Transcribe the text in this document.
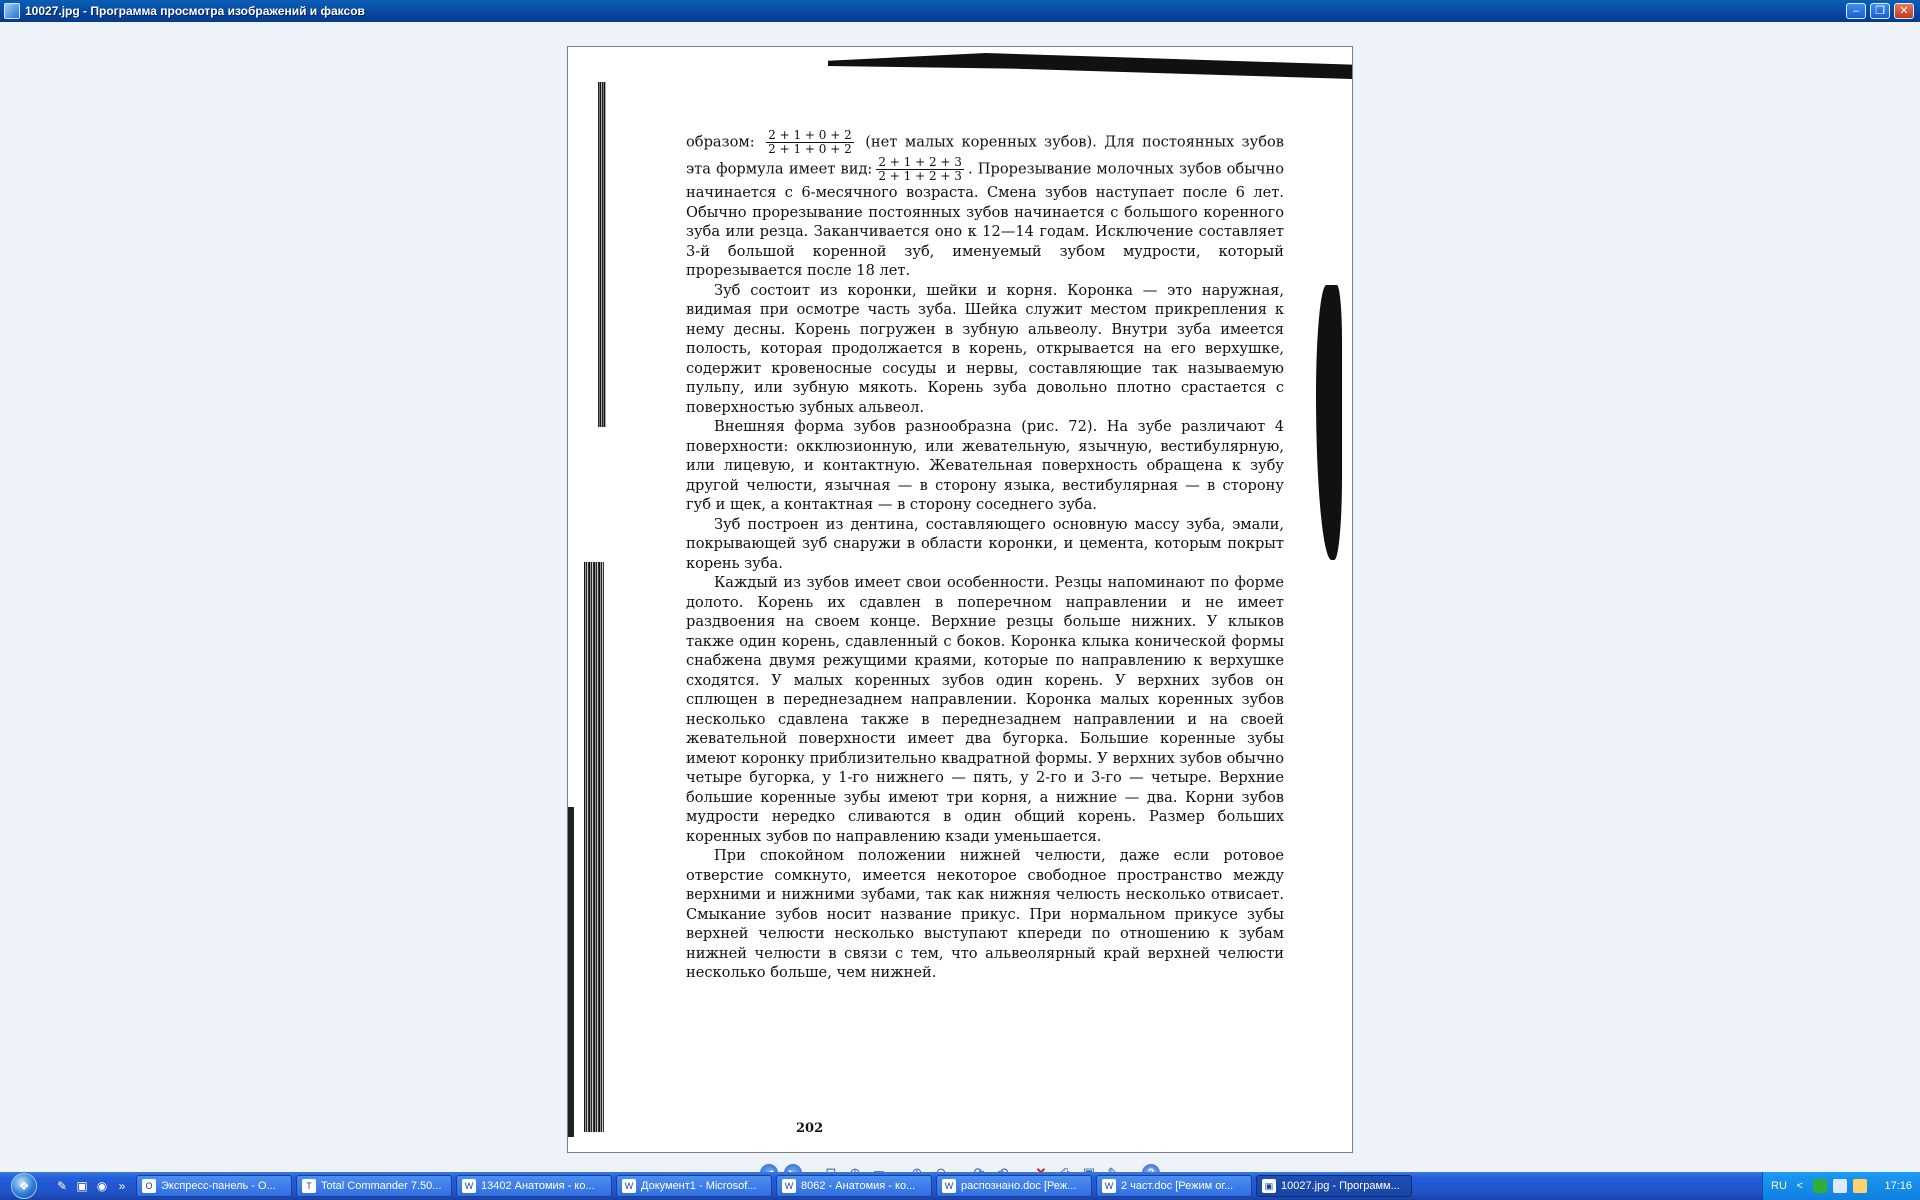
10027.jpg - Программа просмотра изображений и факсов	‒	❐	✕

образом: $\frac{2 + 1 + 0 + 2}{2 + 1 + 0 + 2} (нет$ малых коренных зубов). Для постоянных зубов эта формула имеет вид: $\frac{2 + 1 + 2 + 3}{2 + 1 + 2 + 3}$ . Прорезывание молочных зубов обычно начинается с 6-месячного возраста. Смена зубов наступает после 6 лет. Обычно прорезывание постоянных зубов начинается с большого коренного зуба или резца. Заканчивается оно к 12—14 годам. Исключение составляет 3-й большой коренной зуб, именуемый зубом мудрости, который прорезывается после 18 лет.

Зуб состоит из коронки, шейки и корня. Коронка — это наружная, видимая при осмотре часть зуба. Шейка служит местом прикрепления к нему десны. Корень погружен в зубную альвеолу. Внутри зуба имеется полость, которая продолжается в корень, открывается на его верхушке, содержит кровеносные сосуды и нервы, составляющие так называемую пульпу, или зубную мякоть. Корень зуба довольно плотно срастается с поверхностью зубных альвеол.

Внешняя форма зубов разнообразна (рис. 72). На зубе различают 4 поверхности: окклюзионную, или жевательную, язычную, вестибулярную, или лицевую, и контактную. Жевательная поверхность обращена к зубу другой челюсти, язычная — в сторону языка, вестибулярная — в сторону губ и щек, а контактная — в сторону соседнего зуба.

Зуб построен из дентина, составляющего основную массу зуба, эмали, покрывающей зуб снаружи в области коронки, и цемента, которым покрыт корень зуба.

Каждый из зубов имеет свои особенности. Резцы напоминают по форме долото. Корень их сдавлен в поперечном направлении и не имеет раздвоения на своем конце. Верхние резцы больше нижних. У клыков также один корень, сдавленный с боков. Коронка клыка конической формы снабжена двумя режущими краями, которые по направлению к верхушке сходятся. У малых коренных зубов один корень. У верхних зубов он сплющен в переднезаднем направлении. Коронка малых коренных зубов несколько сдавлена также в переднезаднем направлении и на своей жевательной поверхности имеет два бугорка. Большие коренные зубы имеют коронку приблизительно квадратной формы. У верхних зубов обычно четыре бугорка, у 1-го нижнего — пять, у 2-го и 3-го — четыре. Верхние большие коренные зубы имеют три корня, а нижние — два. Корни зубов мудрости нередко сливаются в один общий корень. Размер больших коренных зубов по направлению кзади уменьшается.

При спокойном положении нижней челюсти, даже если ротовое отверстие сомкнуто, имеется некоторое свободное пространство между верхними и нижними зубами, так как нижняя челюсть несколько отвисает. Смыкание зубов носит название прикус. При нормальном прикусе зубы верхней челюсти несколько выступают кпереди по отношению к зубам нижней челюсти в связи с тем, что альвеолярный край верхней челюсти несколько больше, чем нижней.

202
❖	✎ ▣ ◉ »	O Экспресс-панель - O...	T Total Commander 7.50...	W 13402 Анатомия - ко...	W Документ1 - Microsof...	W 8062 - Анатомия - ко...	W распознано.doc [Реж...	W 2 част.doc [Режим ог...	▣ 10027.jpg - Программ...	RU <	17:16
